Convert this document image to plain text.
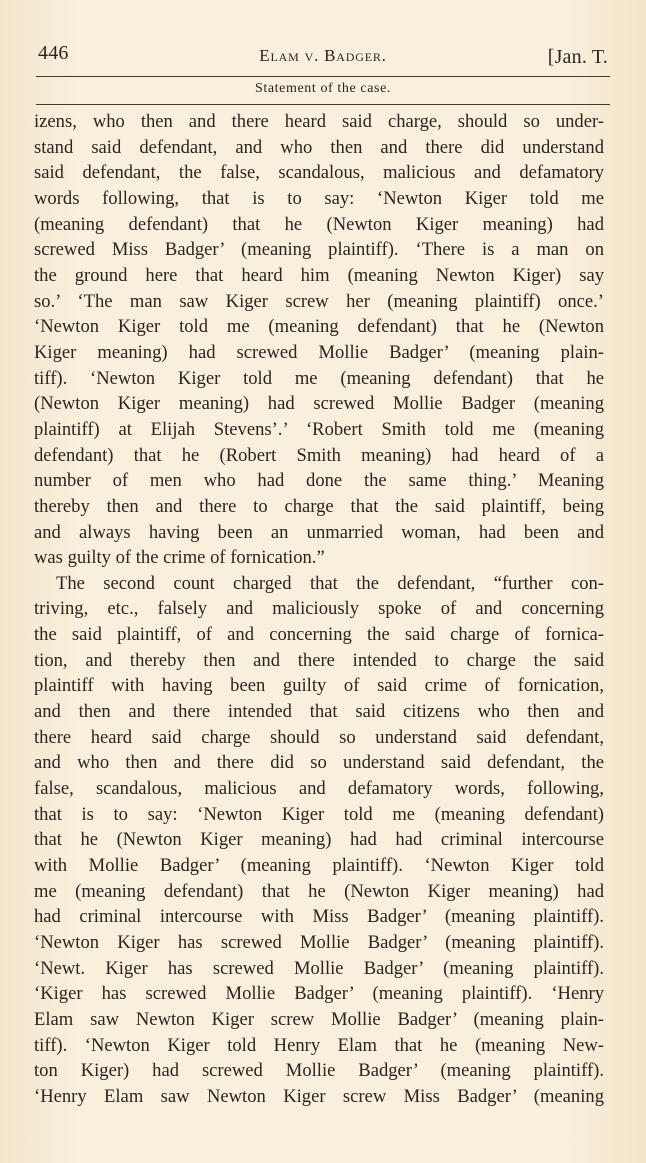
446	Elam v. Badger.	[Jan. T.
Statement of the case.
izens, who then and there heard said charge, should so under-
stand said defendant, and who then and there did understand
said defendant, the false, scandalous, malicious and defamatory
words following, that is to say: ‘Newton Kiger told me
(meaning defendant) that he (Newton Kiger meaning) had
screwed Miss Badger’ (meaning plaintiff). ‘There is a man on
the ground here that heard him (meaning Newton Kiger) say
so.’ ‘The man saw Kiger screw her (meaning plaintiff) once.’
‘Newton Kiger told me (meaning defendant) that he (Newton
Kiger meaning) had screwed Mollie Badger’ (meaning plain-
tiff). ‘Newton Kiger told me (meaning defendant) that he
(Newton Kiger meaning) had screwed Mollie Badger (meaning
plaintiff) at Elijah Stevens’.’ ‘Robert Smith told me (meaning
defendant) that he (Robert Smith meaning) had heard of a
number of men who had done the same thing.’ Meaning
thereby then and there to charge that the said plaintiff, being
and always having been an unmarried woman, had been and
was guilty of the crime of fornication.”
The second count charged that the defendant, “further con-
triving, etc., falsely and maliciously spoke of and concerning
the said plaintiff, of and concerning the said charge of fornica-
tion, and thereby then and there intended to charge the said
plaintiff with having been guilty of said crime of fornication,
and then and there intended that said citizens who then and
there heard said charge should so understand said defendant,
and who then and there did so understand said defendant, the
false, scandalous, malicious and defamatory words, following,
that is to say: ‘Newton Kiger told me (meaning defendant)
that he (Newton Kiger meaning) had had criminal intercourse
with Mollie Badger’ (meaning plaintiff). ‘Newton Kiger told
me (meaning defendant) that he (Newton Kiger meaning) had
had criminal intercourse with Miss Badger’ (meaning plaintiff).
‘Newton Kiger has screwed Mollie Badger’ (meaning plaintiff).
‘Newt. Kiger has screwed Mollie Badger’ (meaning plaintiff).
‘Kiger has screwed Mollie Badger’ (meaning plaintiff). ‘Henry
Elam saw Newton Kiger screw Mollie Badger’ (meaning plain-
tiff). ‘Newton Kiger told Henry Elam that he (meaning New-
ton Kiger) had screwed Mollie Badger’ (meaning plaintiff).
‘Henry Elam saw Newton Kiger screw Miss Badger’ (meaning
